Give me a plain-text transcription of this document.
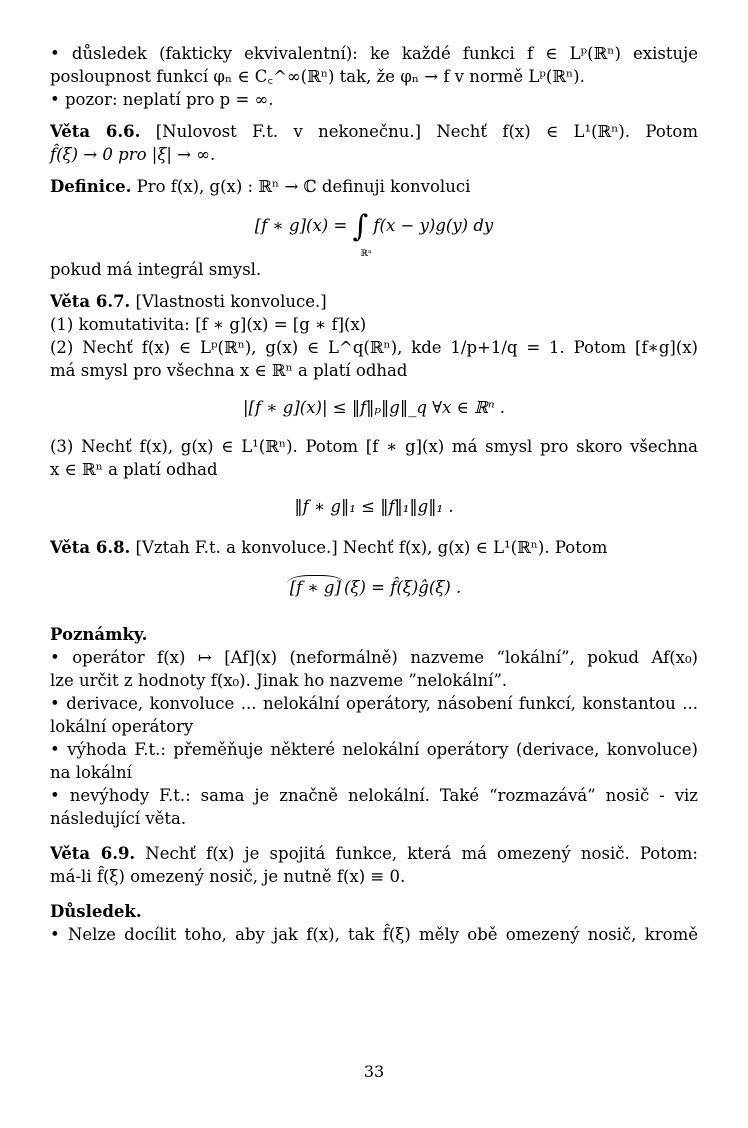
• důsledek (fakticky ekvivalentní): ke každé funkci f ∈ Lᵖ(ℝⁿ) existuje

posloupnost funkcí φₙ ∈ C꜀^∞(ℝⁿ) tak, že φₙ → f v normě Lᵖ(ℝⁿ).

• pozor: neplatí pro p = ∞.

Věta 6.6. [Nulovost F.t. v nekonečnu.] Nechť f(x) ∈ L¹(ℝⁿ). Potom

f̂(ξ) → 0 pro |ξ| → ∞.

Definice. Pro f(x), g(x) : ℝⁿ → ℂ definuji konvoluci

[f ∗ g](x) = ∫
ℝⁿ
f(x − y)g(y) dy

pokud má integrál smysl.

Věta 6.7. [Vlastnosti konvoluce.]

(1) komutativita: [f ∗ g](x) = [g ∗ f](x)

(2) Nechť f(x) ∈ Lᵖ(ℝⁿ), g(x) ∈ L^q(ℝⁿ), kde 1/p+1/q = 1. Potom [f∗g](x)

má smysl pro všechna x ∈ ℝⁿ a platí odhad

|[f ∗ g](x)| ≤ ‖f‖ₚ‖g‖_q ∀x ∈ ℝⁿ .

(3) Nechť f(x), g(x) ∈ L¹(ℝⁿ). Potom [f ∗ g](x) má smysl pro skoro všechna

x ∈ ℝⁿ a platí odhad

‖f ∗ g‖₁ ≤ ‖f‖₁‖g‖₁ .

Věta 6.8. [Vztah F.t. a konvoluce.] Nechť f(x), g(x) ∈ L¹(ℝⁿ). Potom

[f ∗ g] (ξ) = f̂(ξ)ĝ(ξ) .

Poznámky.

• operátor f(x) ↦ [Af](x) (neformálně) nazveme “lokální”, pokud Af(x₀)

lze určit z hodnoty f(x₀). Jinak ho nazveme ”nelokální”.

• derivace, konvoluce ... nelokální operátory, násobení funkcí, konstantou ...

lokální operátory

• výhoda F.t.: přeměňuje některé nelokální operátory (derivace, konvoluce)

na lokální

• nevýhody F.t.: sama je značně nelokální. Také “rozmazává” nosič - viz

následující věta.

Věta 6.9. Nechť f(x) je spojitá funkce, která má omezený nosič. Potom:

má-li f̂(ξ) omezený nosič, je nutně f(x) ≡ 0.

Důsledek.

• Nelze docílit toho, aby jak f(x), tak f̂(ξ) měly obě omezený nosič, kromě

33
